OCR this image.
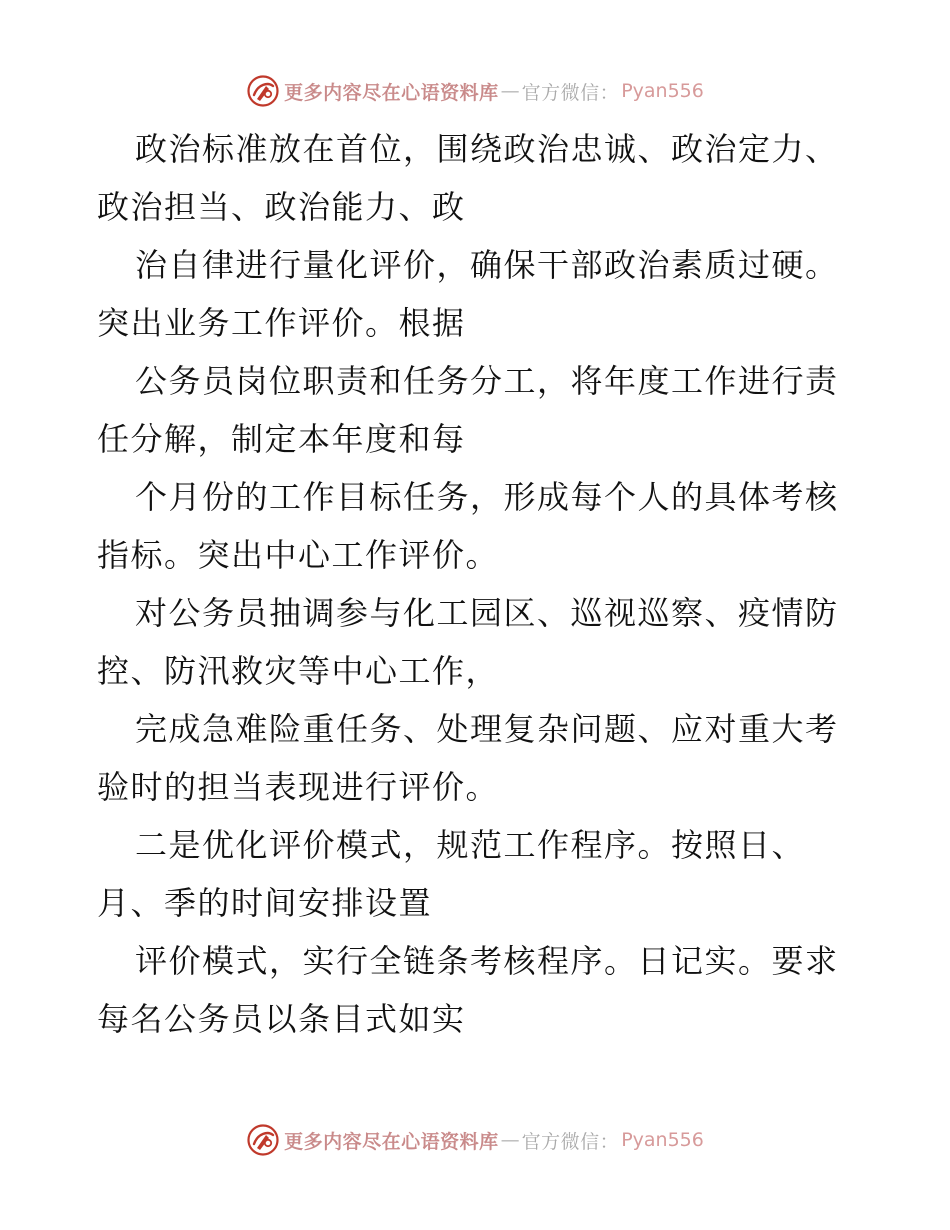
更多内容尽在心语资料库 — 官方微信： Pyan556

政治标准放在首位，围绕政治忠诚、政治定力、
政治担当、政治能力、政

治自律进行量化评价，确保干部政治素质过硬。
突出业务工作评价。根据

公务员岗位职责和任务分工，将年度工作进行责
任分解，制定本年度和每

个月份的工作目标任务，形成每个人的具体考核
指标。突出中心工作评价。

对公务员抽调参与化工园区、巡视巡察、疫情防
控、防汛救灾等中心工作，

完成急难险重任务、处理复杂问题、应对重大考
验时的担当表现进行评价。

二是优化评价模式，规范工作程序。按照日、
月、季的时间安排设置

评价模式，实行全链条考核程序。日记实。要求
每名公务员以条目式如实

更多内容尽在心语资料库 — 官方微信： Pyan556
